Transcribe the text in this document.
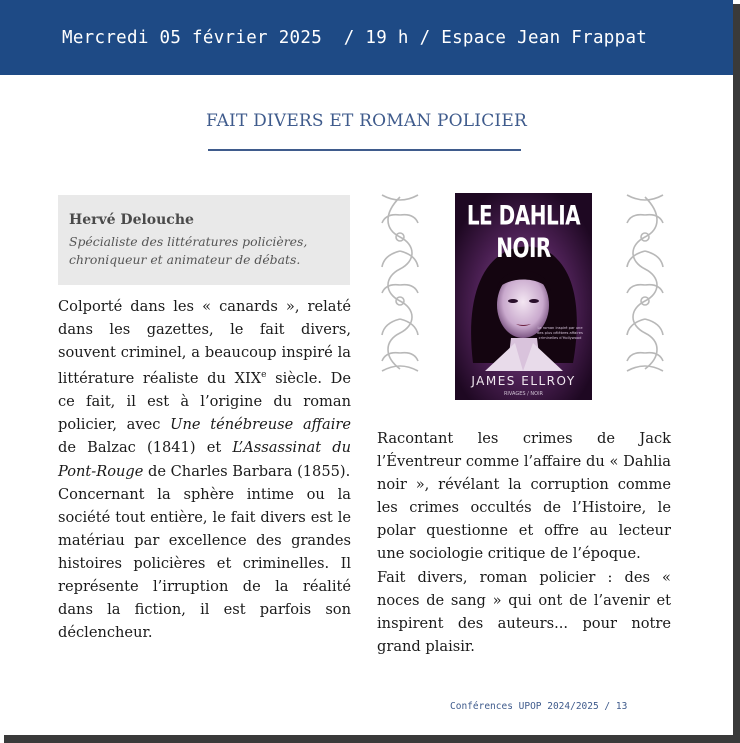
Mercredi 05 février 2025  / 19 h / Espace Jean Frappat
FAIT DIVERS ET ROMAN POLICIER
Hervé Delouche
Spécialiste des littératures policières,
chroniqueur et animateur de débats.

Colporté dans les « canards », relaté dans les gazettes, le fait divers, souvent criminel, a beaucoup inspiré la littérature réaliste du XIXe siècle. De ce fait, il est à l’origine du roman policier, avec Une ténébreuse affaire de Balzac (1841) et L’Assassinat du Pont-Rouge de Charles Barbara (1855).

Concernant la sphère intime ou la société tout entière, le fait divers est le matériau par excellence des grandes histoires policières et criminelles. Il représente l’irruption de la réalité dans la fiction, il est parfois son déclencheur.

LE DAHLIA NOIR
Le roman inspiré par une des plus célèbres affaires criminelles d’Hollywood
JAMES ELLROY
RIVAGES / NOIR

Racontant les crimes de Jack l’Éventreur comme l’affaire du « Dahlia noir », révélant la corruption comme les crimes occultés de l’Histoire, le polar questionne et offre au lecteur une sociologie critique de l’époque.

Fait divers, roman policier : des « noces de sang » qui ont de l’avenir et inspirent des auteurs... pour notre grand plaisir.

Conférences UPOP 2024/2025 / 13
